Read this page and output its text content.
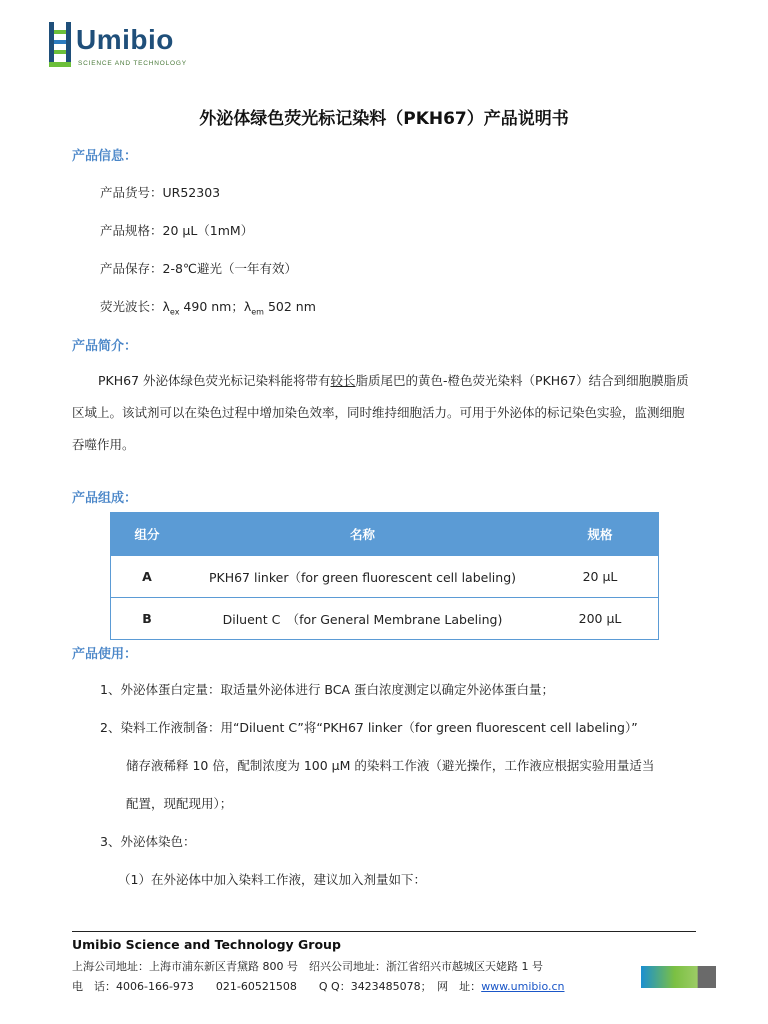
Umibio
SCIENCE AND TECHNOLOGY
外泌体绿色荧光标记染料（PKH67）产品说明书
产品信息：
产品货号：UR52303
产品规格：20 µL（1mM）
产品保存：2-8℃避光（一年有效）
荧光波长：$\lambda_{ex}$ 490 nm；$\lambda_{em}$ 502 nm
产品简介：
PKH67 外泌体绿色荧光标记染料能将带有较长脂质尾巴的黄色-橙色荧光染料（PKH67）结合到细胞膜脂质区域上。该试剂可以在染色过程中增加染色效率，同时维持细胞活力。可用于外泌体的标记染色实验，监测细胞吞噬作用。
产品组成：
组分	名称	规格
A	PKH67 linker（for green fluorescent cell labeling)	20 µL
B	Diluent C　（for General Membrane Labeling)	200 µL
产品使用：
1、外泌体蛋白定量：取适量外泌体进行 BCA 蛋白浓度测定以确定外泌体蛋白量；
2、染料工作液制备：用“Diluent C”将“PKH67 linker（for green fluorescent cell labeling）”
储存液稀释 10 倍，配制浓度为 100 µM 的染料工作液（避光操作，工作液应根据实验用量适当
配置，现配现用）；
3、外泌体染色：
（1）在外泌体中加入染料工作液，建议加入剂量如下：
Umibio Science and Technology Group
上海公司地址：上海市浦东新区青黛路 800 号　绍兴公司地址：浙江省绍兴市越城区天姥路 1 号
电　话：4006-166-973　　021-60521508　　Q Q：3423485078；　网　址：www.umibio.cn
